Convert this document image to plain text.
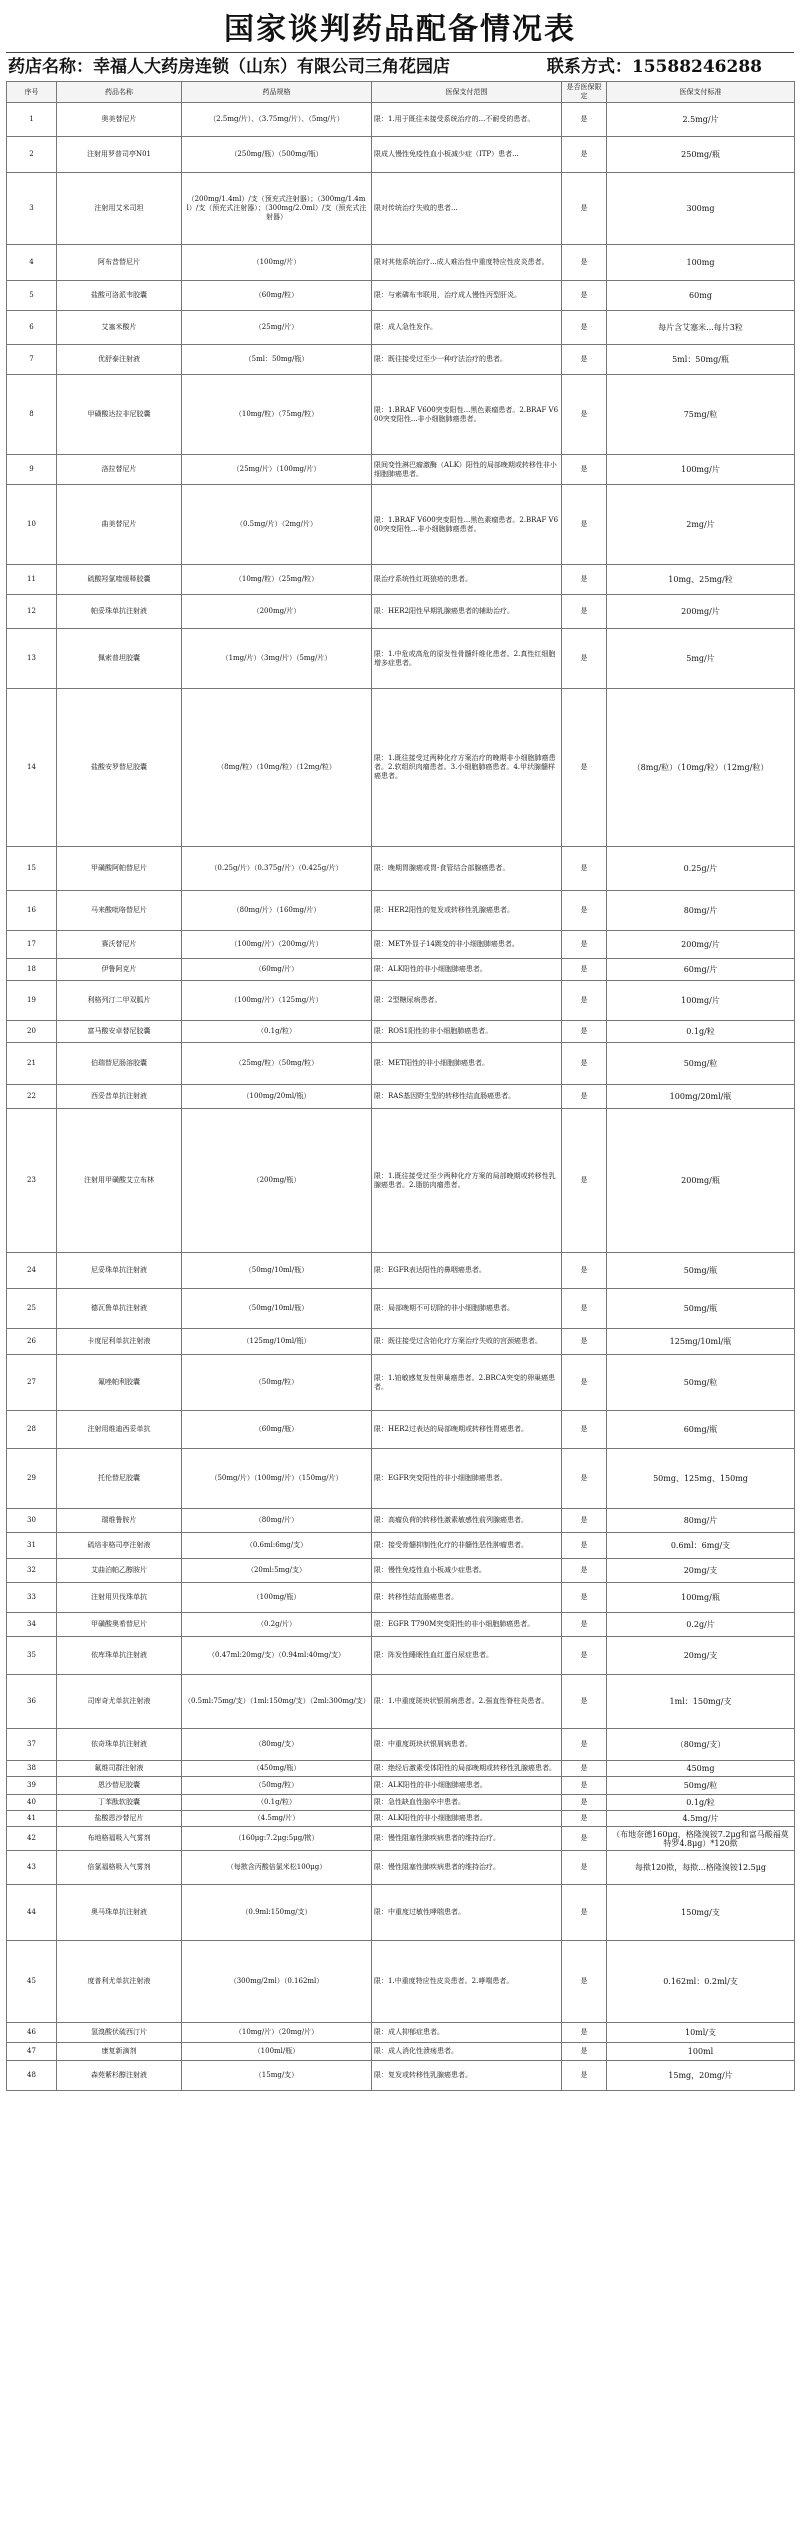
国家谈判药品配备情况表
药店名称：幸福人大药房连锁（山东）有限公司三角花园店	联系方式：15588246288
序号	药品名称	药品规格	医保支付范围	是否医保限定	医保支付标准
1	奥美替尼片	（2.5mg/片）、（3.75mg/片）、（5mg/片）	限：1.用于既往未接受系统治疗的...不耐受的患者。	是	2.5mg/片
2	注射用罗普司亭N01	（250mg/瓶）（500mg/瓶）	限成人慢性免疫性血小板减少症（ITP）患者...	是	250mg/瓶
3	注射用艾米司坦	（200mg/1.4ml）/支（预充式注射器）；（300mg/1.4ml）/支（预充式注射器）；（300mg/2.0ml）/支（预充式注射器）	限对传统治疗失败的患者...	是	300mg
4	阿布昔替尼片	（100mg/片）	限对其他系统治疗...成人难治性中重度特应性皮炎患者。	是	100mg
5	盐酸可洛派韦胶囊	（60mg/粒）	限：与索磷布韦联用，治疗成人慢性丙型肝炎。	是	60mg
6	艾塞米酸片	（25mg/片）	限：成人急性发作。	是	每片含艾塞米...每片3粒
7	优舒泰注射液	（5ml：50mg/瓶）	限：既往接受过至少一种疗法治疗的患者。	是	5ml：50mg/瓶
8	甲磺酸达拉非尼胶囊	（10mg/粒）（75mg/粒）	限：1.BRAF V600突变阳性...黑色素瘤患者。2.BRAF V600突变阳性...非小细胞肺癌患者。	是	75mg/粒
9	洛拉替尼片	（25mg/片）（100mg/片）	限间变性淋巴瘤激酶（ALK）阳性的局部晚期或转移性非小细胞肺癌患者。	是	100mg/片
10	曲美替尼片	（0.5mg/片）（2mg/片）	限：1.BRAF V600突变阳性...黑色素瘤患者。2.BRAF V600突变阳性...非小细胞肺癌患者。	是	2mg/片
11	硫酸羟氯喹缓释胶囊	（10mg/粒）（25mg/粒）	限治疗系统性红斑狼疮的患者。	是	10mg、25mg/粒
12	帕妥珠单抗注射液	（200mg/片）	限：HER2阳性早期乳腺癌患者的辅助治疗。	是	200mg/片
13	佩索普坦胶囊	（1mg/片）（3mg/片）（5mg/片）	限：1.中危或高危的原发性骨髓纤维化患者。2.真性红细胞增多症患者。	是	5mg/片
14	盐酸安罗替尼胶囊	（8mg/粒）（10mg/粒）（12mg/粒）	限：1.既往接受过两种化疗方案治疗的晚期非小细胞肺癌患者。2.软组织肉瘤患者。3.小细胞肺癌患者。4.甲状腺髓样癌患者。	是	（8mg/粒）（10mg/粒）（12mg/粒）
15	甲磺酸阿帕替尼片	（0.25g/片）（0.375g/片）（0.425g/片）	限：晚期胃腺癌或胃-食管结合部腺癌患者。	是	0.25g/片
16	马来酸吡咯替尼片	（80mg/片）（160mg/片）	限：HER2阳性的复发或转移性乳腺癌患者。	是	80mg/片
17	赛沃替尼片	（100mg/片）（200mg/片）	限：MET外显子14跳变的非小细胞肺癌患者。	是	200mg/片
18	伊鲁阿克片	（60mg/片）	限：ALK阳性的非小细胞肺癌患者。	是	60mg/片
19	利格列汀二甲双胍片	（100mg/片）（125mg/片）	限：2型糖尿病患者。	是	100mg/片
20	富马酸安卓替尼胶囊	（0.1g/粒）	限：ROS1阳性的非小细胞肺癌患者。	是	0.1g/粒
21	伯瑞替尼肠溶胶囊	（25mg/粒）（50mg/粒）	限：MET阳性的非小细胞肺癌患者。	是	50mg/粒
22	西妥昔单抗注射液	（100mg/20ml/瓶）	限：RAS基因野生型的转移性结直肠癌患者。	是	100mg/20ml/瓶
23	注射用甲磺酸艾立布林	（200mg/瓶）	限：1.既往接受过至少两种化疗方案的局部晚期或转移性乳腺癌患者。2.脂肪肉瘤患者。	是	200mg/瓶
24	尼妥珠单抗注射液	（50mg/10ml/瓶）	限：EGFR表达阳性的鼻咽癌患者。	是	50mg/瓶
25	德瓦鲁单抗注射液	（50mg/10ml/瓶）	限：局部晚期不可切除的非小细胞肺癌患者。	是	50mg/瓶
26	卡度尼利单抗注射液	（125mg/10ml/瓶）	限：既往接受过含铂化疗方案治疗失败的宫颈癌患者。	是	125mg/10ml/瓶
27	氟唑帕利胶囊	（50mg/粒）	限：1.铂敏感复发性卵巢癌患者。2.BRCA突变的卵巢癌患者。	是	50mg/粒
28	注射用维迪西妥单抗	（60mg/瓶）	限：HER2过表达的局部晚期或转移性胃癌患者。	是	60mg/瓶
29	托伦替尼胶囊	（50mg/片）（100mg/片）（150mg/片）	限：EGFR突变阳性的非小细胞肺癌患者。	是	50mg、125mg、150mg
30	瑞维鲁胺片	（80mg/片）	限：高瘤负荷的转移性激素敏感性前列腺癌患者。	是	80mg/片
31	硫培非格司亭注射液	（0.6ml:6mg/支）	限：接受骨髓抑制性化疗的非髓性恶性肿瘤患者。	是	0.6ml：6mg/支
32	艾曲泊帕乙醇胺片	（20ml:5mg/支）	限：慢性免疫性血小板减少症患者。	是	20mg/支
33	注射用贝伐珠单抗	（100mg/瓶）	限：转移性结直肠癌患者。	是	100mg/瓶
34	甲磺酸奥希替尼片	（0.2g/片）	限：EGFR T790M突变阳性的非小细胞肺癌患者。	是	0.2g/片
35	依库珠单抗注射液	（0.47ml:20mg/支）（0.94ml:40mg/支）	限：阵发性睡眠性血红蛋白尿症患者。	是	20mg/支
36	司库奇尤单抗注射液	（0.5ml:75mg/支）（1ml:150mg/支）（2ml:300mg/支）	限：1.中重度斑块状银屑病患者。2.强直性脊柱炎患者。	是	1ml：150mg/支
37	依奇珠单抗注射液	（80mg/支）	限：中重度斑块状银屑病患者。	是	（80mg/支）
38	氟维司群注射液	（450mg/瓶）	限：绝经后激素受体阳性的局部晚期或转移性乳腺癌患者。	是	450mg
39	恩沙替尼胶囊	（50mg/粒）	限：ALK阳性的非小细胞肺癌患者。	是	50mg/粒
40	丁苯酞软胶囊	（0.1g/粒）	限：急性缺血性脑卒中患者。	是	0.1g/粒
41	盐酸恩沙替尼片	（4.5mg/片）	限：ALK阳性的非小细胞肺癌患者。	是	4.5mg/片
42	布地格福吸入气雾剂	（160μg:7.2μg:5μg/揿）	限：慢性阻塞性肺疾病患者的维持治疗。	是	（布地奈德160μg，格隆溴铵7.2μg和富马酸福莫特罗4.8μg）*120揿
43	倍氯福格吸入气雾剂	（每揿含丙酸倍氯米松100μg）	限：慢性阻塞性肺疾病患者的维持治疗。	是	每揿120揿，每揿...格隆溴铵12.5μg
44	奥马珠单抗注射液	（0.9ml:150mg/支）	限：中重度过敏性哮喘患者。	是	150mg/支
45	度普利尤单抗注射液	（300mg/2ml）（0.162ml）	限：1.中重度特应性皮炎患者。2.哮喘患者。	是	0.162ml：0.2ml/支
46	氢溴酸伏硫西汀片	（10mg/片）（20mg/片）	限：成人抑郁症患者。	是	10ml/支
47	康复新滴剂	（100ml/瓶）	限：成人消化性溃疡患者。	是	100ml
48	森苑紫杉醇注射液	（15mg/支）	限：复发或转移性乳腺癌患者。	是	15mg，20mg/片
